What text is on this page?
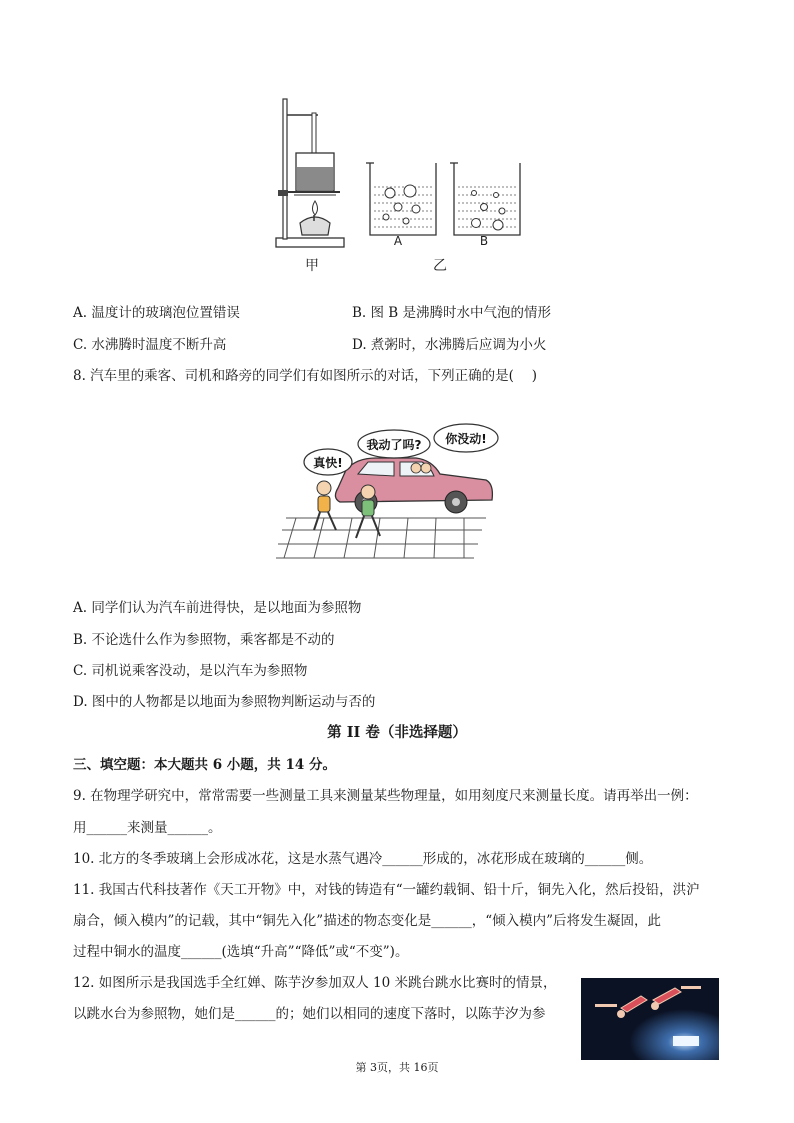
A	B
甲	乙
A. 温度计的玻璃泡位置错误	B. 图 B 是沸腾时水中气泡的情形
C. 水沸腾时温度不断升高	D. 煮粥时，水沸腾后应调为小火
8. 汽车里的乘客、司机和路旁的同学们有如图所示的对话，下列正确的是(　 )
真快!
我动了吗? 你没动!
A. 同学们认为汽车前进得快，是以地面为参照物
B. 不论选什么作为参照物，乘客都是不动的
C. 司机说乘客没动，是以汽车为参照物
D. 图中的人物都是以地面为参照物判断运动与否的
第 II 卷（非选择题）
三、填空题：本大题共 6 小题，共 14 分。
9. 在物理学研究中，常常需要一些测量工具来测量某些物理量，如用刻度尺来测量长度。请再举出一例：
用______来测量______。
10. 北方的冬季玻璃上会形成冰花，这是水蒸气遇冷______形成的，冰花形成在玻璃的______侧。
11. 我国古代科技著作《天工开物》中，对钱的铸造有“一罐约载铜、铅十斤，铜先入化，然后投铅，洪沪
扇合，倾入模内”的记载，其中“铜先入化”描述的物态变化是______，“倾入模内”后将发生凝固，此
过程中铜水的温度______(选填“升高”“降低”或“不变”)。
12. 如图所示是我国选手全红婵、陈芋汐参加双人 10 米跳台跳水比赛时的情景，
以跳水台为参照物，她们是______的；她们以相同的速度下落时，以陈芋汐为参
第 3页，共 16页
